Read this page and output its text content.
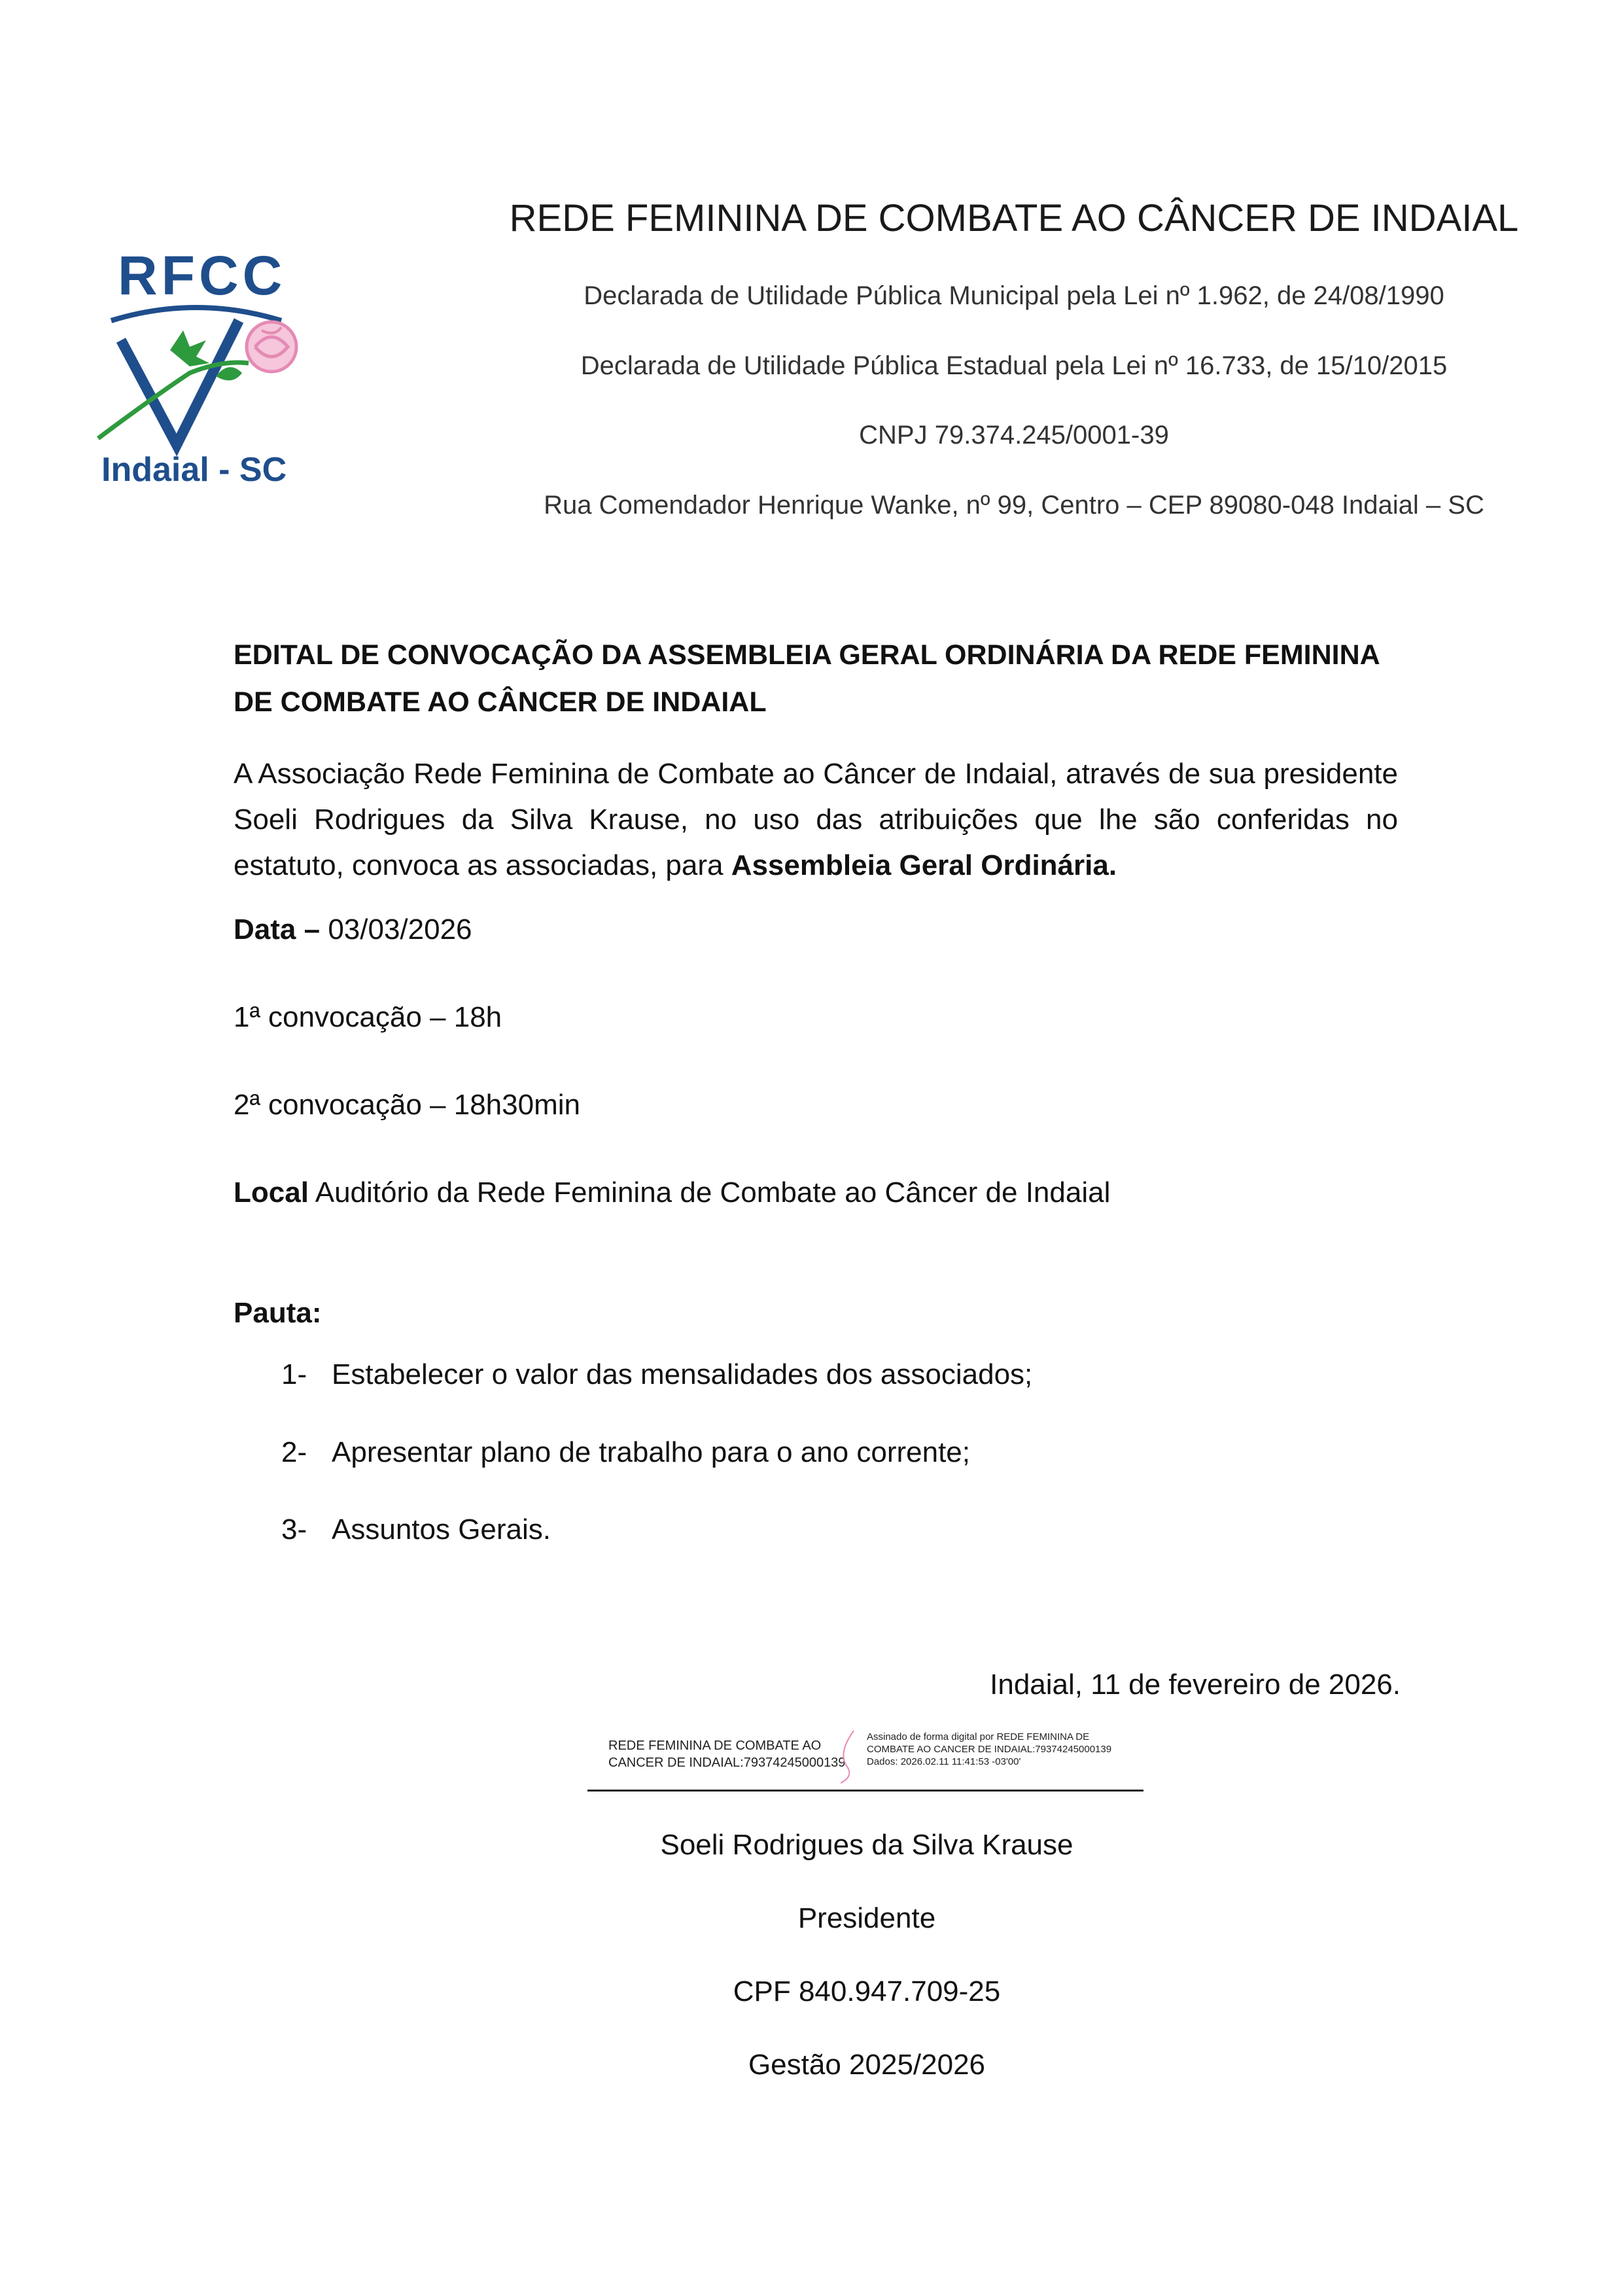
RFCC
Indaial - SC
REDE FEMININA DE COMBATE AO CÂNCER DE INDAIAL
Declarada de Utilidade Pública Municipal pela Lei nº 1.962, de 24/08/1990
Declarada de Utilidade Pública Estadual pela Lei nº 16.733, de 15/10/2015
CNPJ 79.374.245/0001-39
Rua Comendador Henrique Wanke, nº 99, Centro – CEP 89080-048 Indaial – SC
EDITAL DE CONVOCAÇÃO DA ASSEMBLEIA GERAL ORDINÁRIA DA REDE FEMININA DE COMBATE AO CÂNCER DE INDAIAL
A Associação Rede Feminina de Combate ao Câncer de Indaial, através de sua presidente Soeli Rodrigues da Silva Krause, no uso das atribuições que lhe são conferidas no estatuto, convoca as associadas, para Assembleia Geral Ordinária.
Data – 03/03/2026
1ª convocação – 18h
2ª convocação – 18h30min
Local Auditório da Rede Feminina de Combate ao Câncer de Indaial
Pauta:
1- Estabelecer o valor das mensalidades dos associados;
2- Apresentar plano de trabalho para o ano corrente;
3- Assuntos Gerais.
Indaial, 11 de fevereiro de 2026.
REDE FEMININA DE COMBATE AO
CANCER DE INDAIAL:79374245000139
Assinado de forma digital por REDE FEMININA DE
COMBATE AO CANCER DE INDAIAL:79374245000139
Dados: 2026.02.11 11:41:53 -03'00'
Soeli Rodrigues da Silva Krause
Presidente
CPF 840.947.709-25
Gestão 2025/2026
